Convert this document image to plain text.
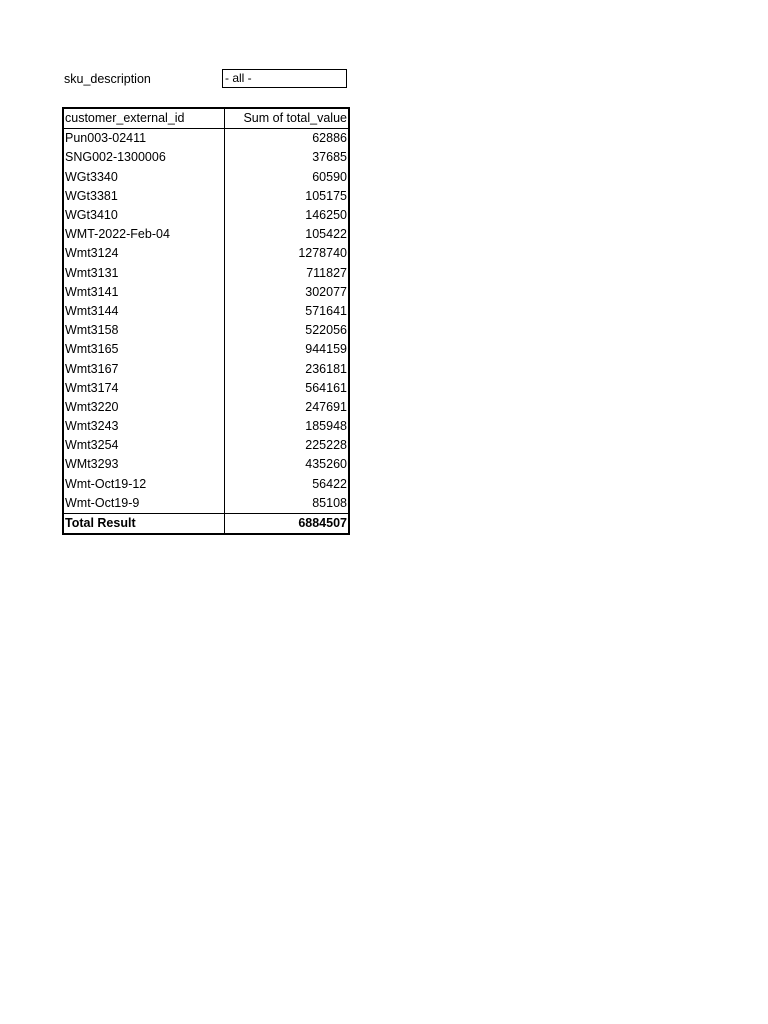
sku_description	- all -
customer_external_id	Sum of total_value
Pun003-02411	62886
SNG002-1300006	37685
WGt3340	60590
WGt3381	105175
WGt3410	146250
WMT-2022-Feb-04	105422
Wmt3124	1278740
Wmt3131	711827
Wmt3141	302077
Wmt3144	571641
Wmt3158	522056
Wmt3165	944159
Wmt3167	236181
Wmt3174	564161
Wmt3220	247691
Wmt3243	185948
Wmt3254	225228
WMt3293	435260
Wmt-Oct19-12	56422
Wmt-Oct19-9	85108
Total Result	6884507
